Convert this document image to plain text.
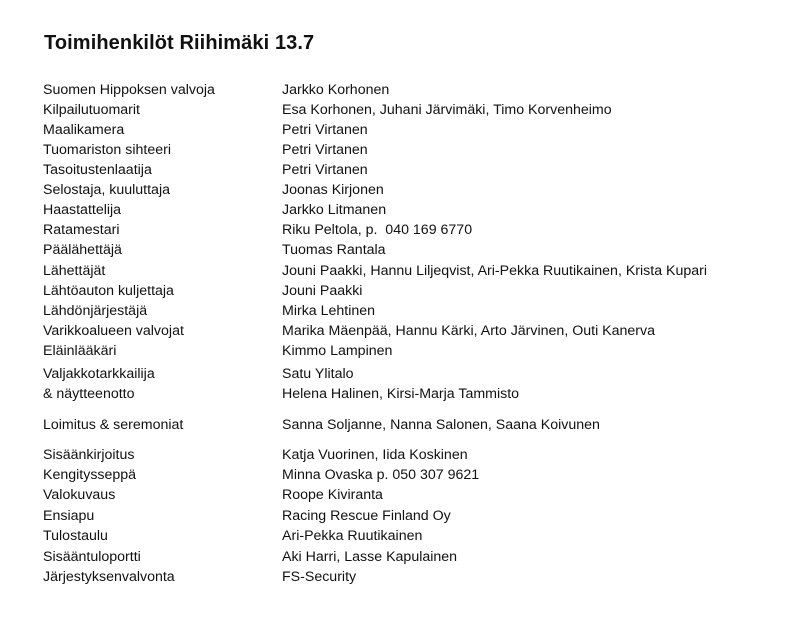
Toimihenkilöt Riihimäki 13.7
Suomen Hippoksen valvoja	Jarkko Korhonen
Kilpailutuomarit	Esa Korhonen, Juhani Järvimäki, Timo Korvenheimo
Maalikamera	Petri Virtanen
Tuomariston sihteeri	Petri Virtanen
Tasoitustenlaatija	Petri Virtanen
Selostaja, kuuluttaja	Joonas Kirjonen
Haastattelija	Jarkko Litmanen
Ratamestari	Riku Peltola, p.  040 169 6770
Päälähettäjä	Tuomas Rantala
Lähettäjät	Jouni Paakki, Hannu Liljeqvist, Ari-Pekka Ruutikainen, Krista Kupari
Lähtöauton kuljettaja	Jouni Paakki
Lähdönjärjestäjä	Mirka Lehtinen
Varikkoalueen valvojat	Marika Mäenpää, Hannu Kärki, Arto Järvinen, Outi Kanerva
Eläinlääkäri	Kimmo Lampinen
Valjakkotarkkailija	Satu Ylitalo
& näytteenotto	Helena Halinen, Kirsi-Marja Tammisto
Loimitus & seremoniat	Sanna Soljanne, Nanna Salonen, Saana Koivunen
Sisäänkirjoitus	Katja Vuorinen, Iida Koskinen
Kengitysseppä	Minna Ovaska p. 050 307 9621
Valokuvaus	Roope Kiviranta
Ensiapu	Racing Rescue Finland Oy
Tulostaulu	Ari-Pekka Ruutikainen
Sisääntuloportti	Aki Harri, Lasse Kapulainen
Järjestyksenvalvonta	FS-Security
